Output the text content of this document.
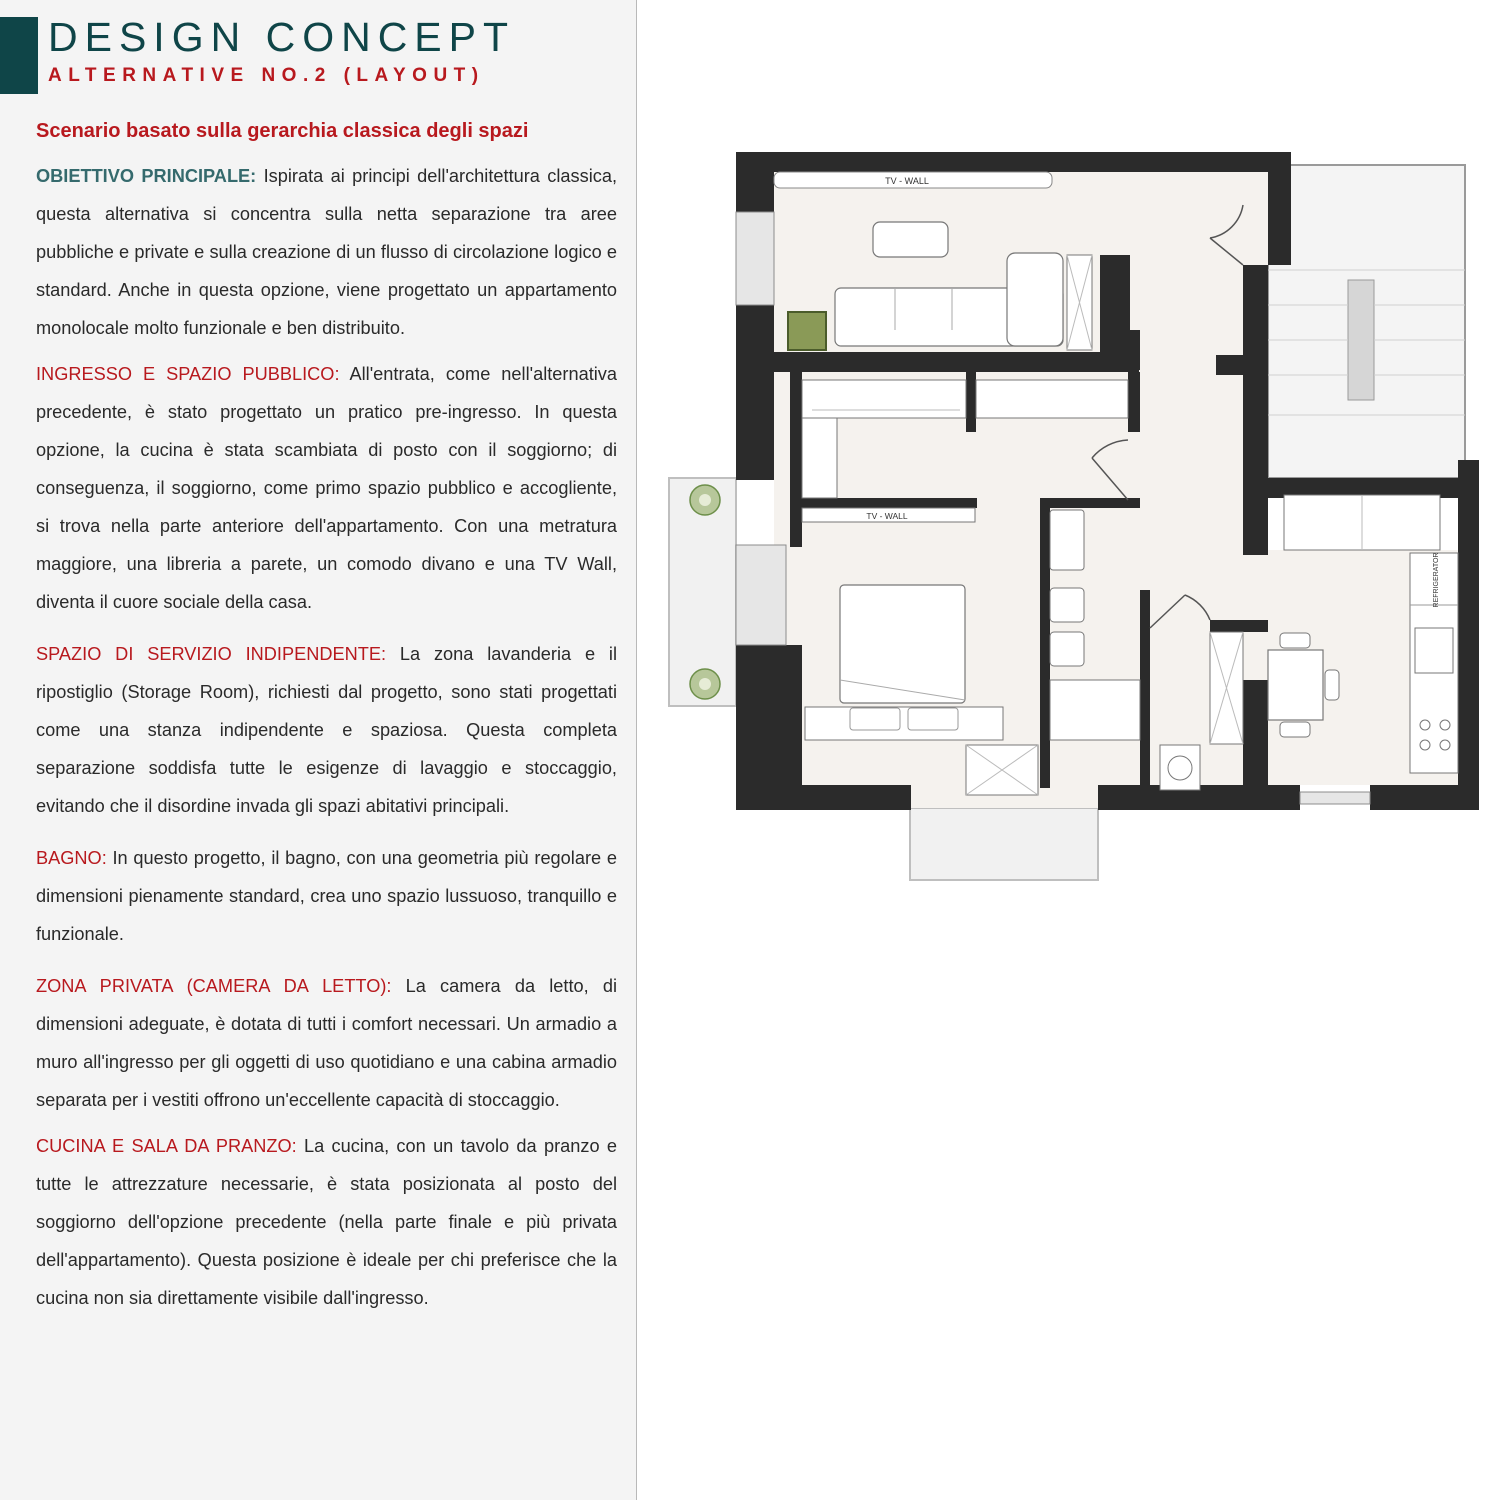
DESIGN CONCEPT
ALTERNATIVE NO.2 (LAYOUT)

Scenario basato sulla gerarchia classica degli spazi

OBIETTIVO PRINCIPALE: Ispirata ai principi dell'architettura classica, questa alternativa si concentra sulla netta separazione tra aree pubbliche e private e sulla creazione di un flusso di circolazione logico e standard. Anche in questa opzione, viene progettato un appartamento monolocale molto funzionale e ben distribuito.

INGRESSO E SPAZIO PUBBLICO: All'entrata, come nell'alternativa precedente, è stato progettato un pratico pre-ingresso. In questa opzione, la cucina è stata scambiata di posto con il soggiorno; di conseguenza, il soggiorno, come primo spazio pubblico e accogliente, si trova nella parte anteriore dell'appartamento. Con una metratura maggiore, una libreria a parete, un comodo divano e una TV Wall, diventa il cuore sociale della casa.

SPAZIO DI SERVIZIO INDIPENDENTE: La zona lavanderia e il ripostiglio (Storage Room), richiesti dal progetto, sono stati progettati come una stanza indipendente e spaziosa. Questa completa separazione soddisfa tutte le esigenze di lavaggio e stoccaggio, evitando che il disordine invada gli spazi abitativi principali.

BAGNO: In questo progetto, il bagno, con una geometria più regolare e dimensioni pienamente standard, crea uno spazio lussuoso, tranquillo e funzionale.

ZONA PRIVATA (CAMERA DA LETTO): La camera da letto, di dimensioni adeguate, è dotata di tutti i comfort necessari. Un armadio a muro all'ingresso per gli oggetti di uso quotidiano e una cabina armadio separata per i vestiti offrono un'eccellente capacità di stoccaggio.

CUCINA E SALA DA PRANZO: La cucina, con un tavolo da pranzo e tutte le attrezzature necessarie, è stata posizionata al posto del soggiorno dell'opzione precedente (nella parte finale e più privata dell'appartamento). Questa posizione è ideale per chi preferisce che la cucina non sia direttamente visibile dall'ingresso.

TV - WALL
TV - WALL
REFRIGERATOR
